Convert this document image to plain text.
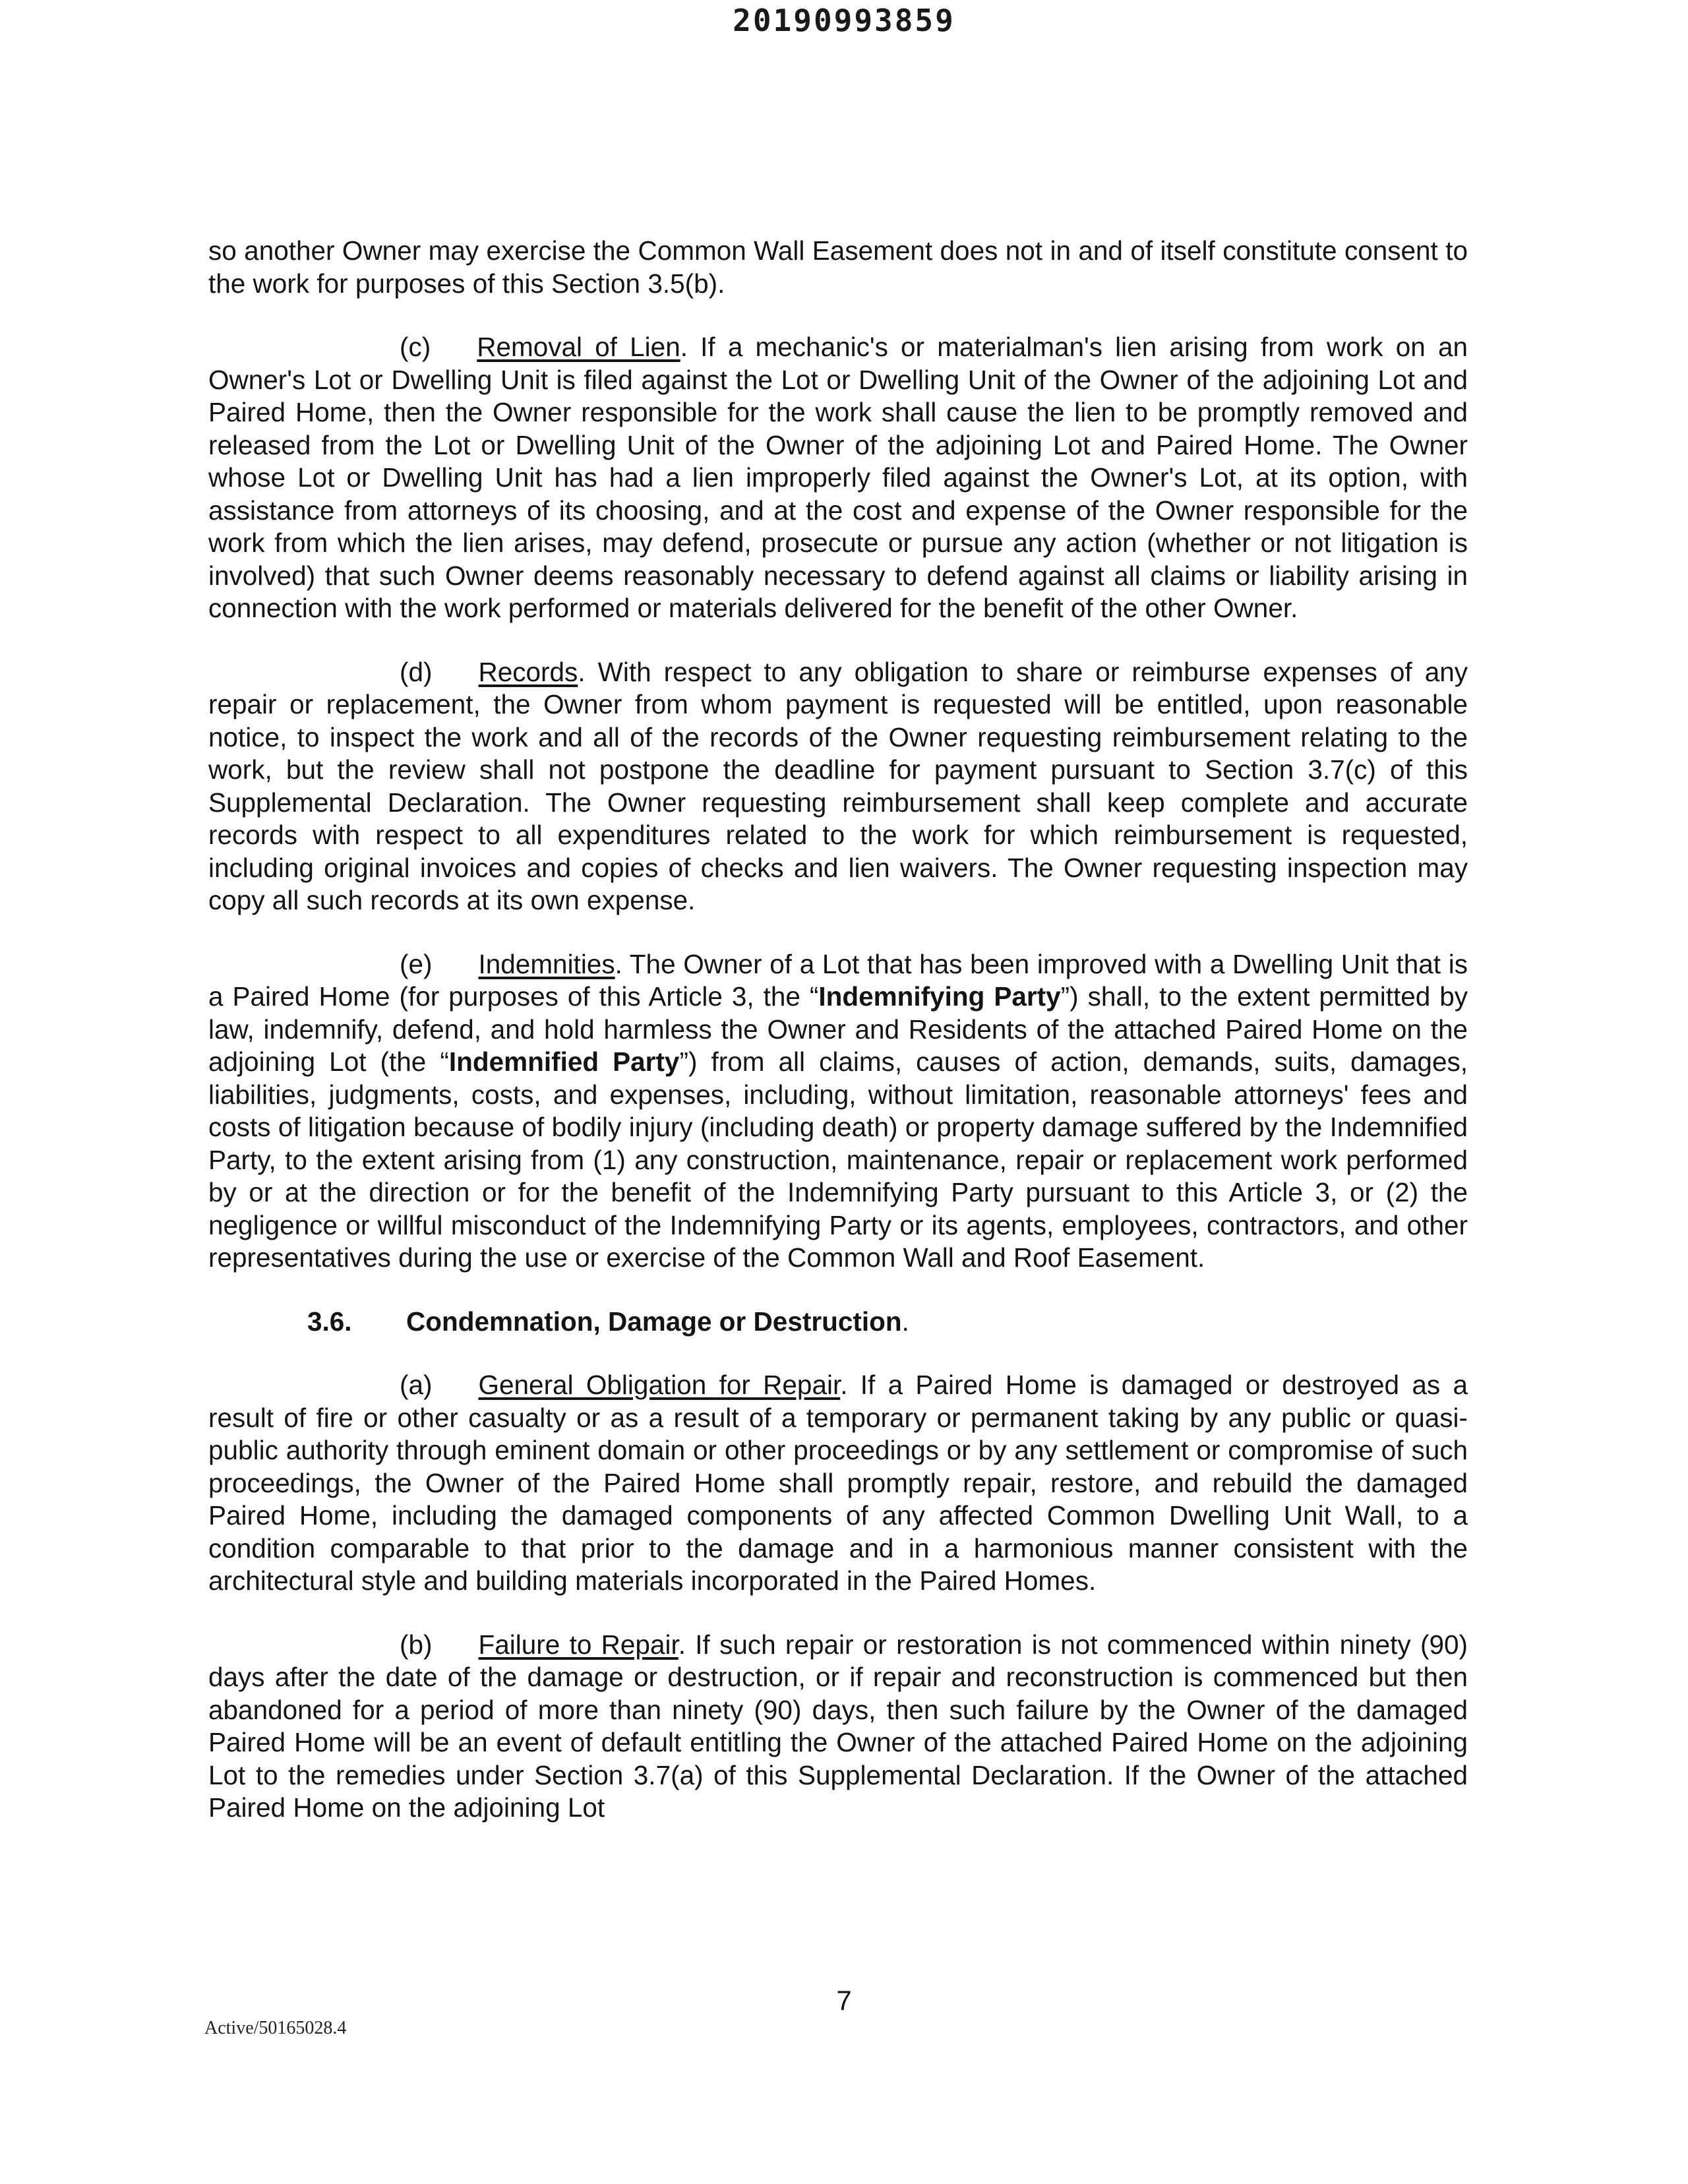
20190993859

so another Owner may exercise the Common Wall Easement does not in and of itself constitute consent to the work for purposes of this Section 3.5(b).

(c) Removal of Lien. If a mechanic's or materialman's lien arising from work on an Owner's Lot or Dwelling Unit is filed against the Lot or Dwelling Unit of the Owner of the adjoining Lot and Paired Home, then the Owner responsible for the work shall cause the lien to be promptly removed and released from the Lot or Dwelling Unit of the Owner of the adjoining Lot and Paired Home. The Owner whose Lot or Dwelling Unit has had a lien improperly filed against the Owner's Lot, at its option, with assistance from attorneys of its choosing, and at the cost and expense of the Owner responsible for the work from which the lien arises, may defend, prosecute or pursue any action (whether or not litigation is involved) that such Owner deems reasonably necessary to defend against all claims or liability arising in connection with the work performed or materials delivered for the benefit of the other Owner.

(d) Records. With respect to any obligation to share or reimburse expenses of any repair or replacement, the Owner from whom payment is requested will be entitled, upon reasonable notice, to inspect the work and all of the records of the Owner requesting reimbursement relating to the work, but the review shall not postpone the deadline for payment pursuant to Section 3.7(c) of this Supplemental Declaration. The Owner requesting reimbursement shall keep complete and accurate records with respect to all expenditures related to the work for which reimbursement is requested, including original invoices and copies of checks and lien waivers. The Owner requesting inspection may copy all such records at its own expense.

(e) Indemnities. The Owner of a Lot that has been improved with a Dwelling Unit that is a Paired Home (for purposes of this Article 3, the “Indemnifying Party”) shall, to the extent permitted by law, indemnify, defend, and hold harmless the Owner and Residents of the attached Paired Home on the adjoining Lot (the “Indemnified Party”) from all claims, causes of action, demands, suits, damages, liabilities, judgments, costs, and expenses, including, without limitation, reasonable attorneys' fees and costs of litigation because of bodily injury (including death) or property damage suffered by the Indemnified Party, to the extent arising from (1) any construction, maintenance, repair or replacement work performed by or at the direction or for the benefit of the Indemnifying Party pursuant to this Article 3, or (2) the negligence or willful misconduct of the Indemnifying Party or its agents, employees, contractors, and other representatives during the use or exercise of the Common Wall and Roof Easement.

3.6. Condemnation, Damage or Destruction.

(a) General Obligation for Repair. If a Paired Home is damaged or destroyed as a result of fire or other casualty or as a result of a temporary or permanent taking by any public or quasi-public authority through eminent domain or other proceedings or by any settlement or compromise of such proceedings, the Owner of the Paired Home shall promptly repair, restore, and rebuild the damaged Paired Home, including the damaged components of any affected Common Dwelling Unit Wall, to a condition comparable to that prior to the damage and in a harmonious manner consistent with the architectural style and building materials incorporated in the Paired Homes.

(b) Failure to Repair. If such repair or restoration is not commenced within ninety (90) days after the date of the damage or destruction, or if repair and reconstruction is commenced but then abandoned for a period of more than ninety (90) days, then such failure by the Owner of the damaged Paired Home will be an event of default entitling the Owner of the attached Paired Home on the adjoining Lot to the remedies under Section 3.7(a) of this Supplemental Declaration. If the Owner of the attached Paired Home on the adjoining Lot

7
Active/50165028.4
